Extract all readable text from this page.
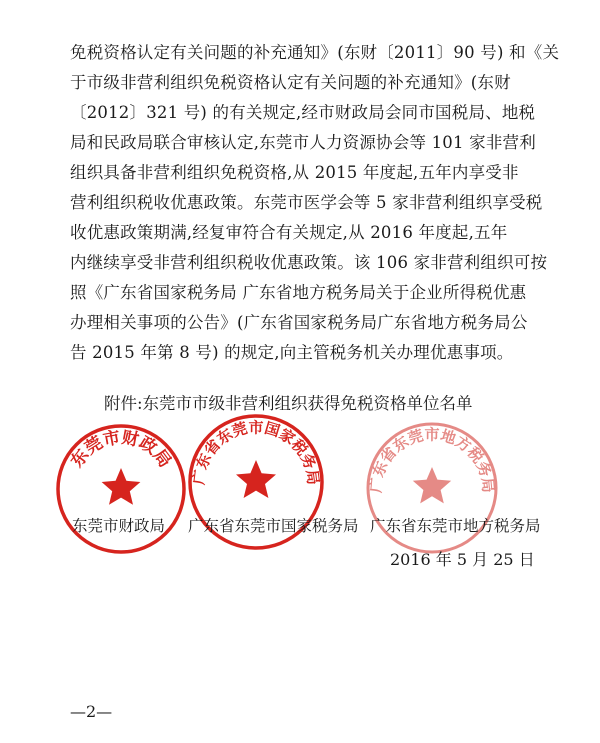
免税资格认定有关问题的补充通知》(东财〔2011〕90 号) 和《关
于市级非营利组织免税资格认定有关问题的补充通知》(东财
〔2012〕321 号) 的有关规定,经市财政局会同市国税局、地税
局和民政局联合审核认定,东莞市人力资源协会等 101 家非营利
组织具备非营利组织免税资格,从 2015 年度起,五年内享受非
营利组织税收优惠政策。东莞市医学会等 5 家非营利组织享受税
收优惠政策期满,经复审符合有关规定,从 2016 年度起,五年
内继续享受非营利组织税收优惠政策。该 106 家非营利组织可按
照《广东省国家税务局 广东省地方税务局关于企业所得税优惠
办理相关事项的公告》(广东省国家税务局广东省地方税务局公
告 2015 年第 8 号) 的规定,向主管税务机关办理优惠事项。
附件:东莞市市级非营利组织获得免税资格单位名单
东莞市财政局
广东省东莞市国家税务局	广东省东莞市地方税务局
东莞市财政局 广东省东莞市国家税务局 广东省东莞市地方税务局
2016 年 5 月 25 日
—2—
